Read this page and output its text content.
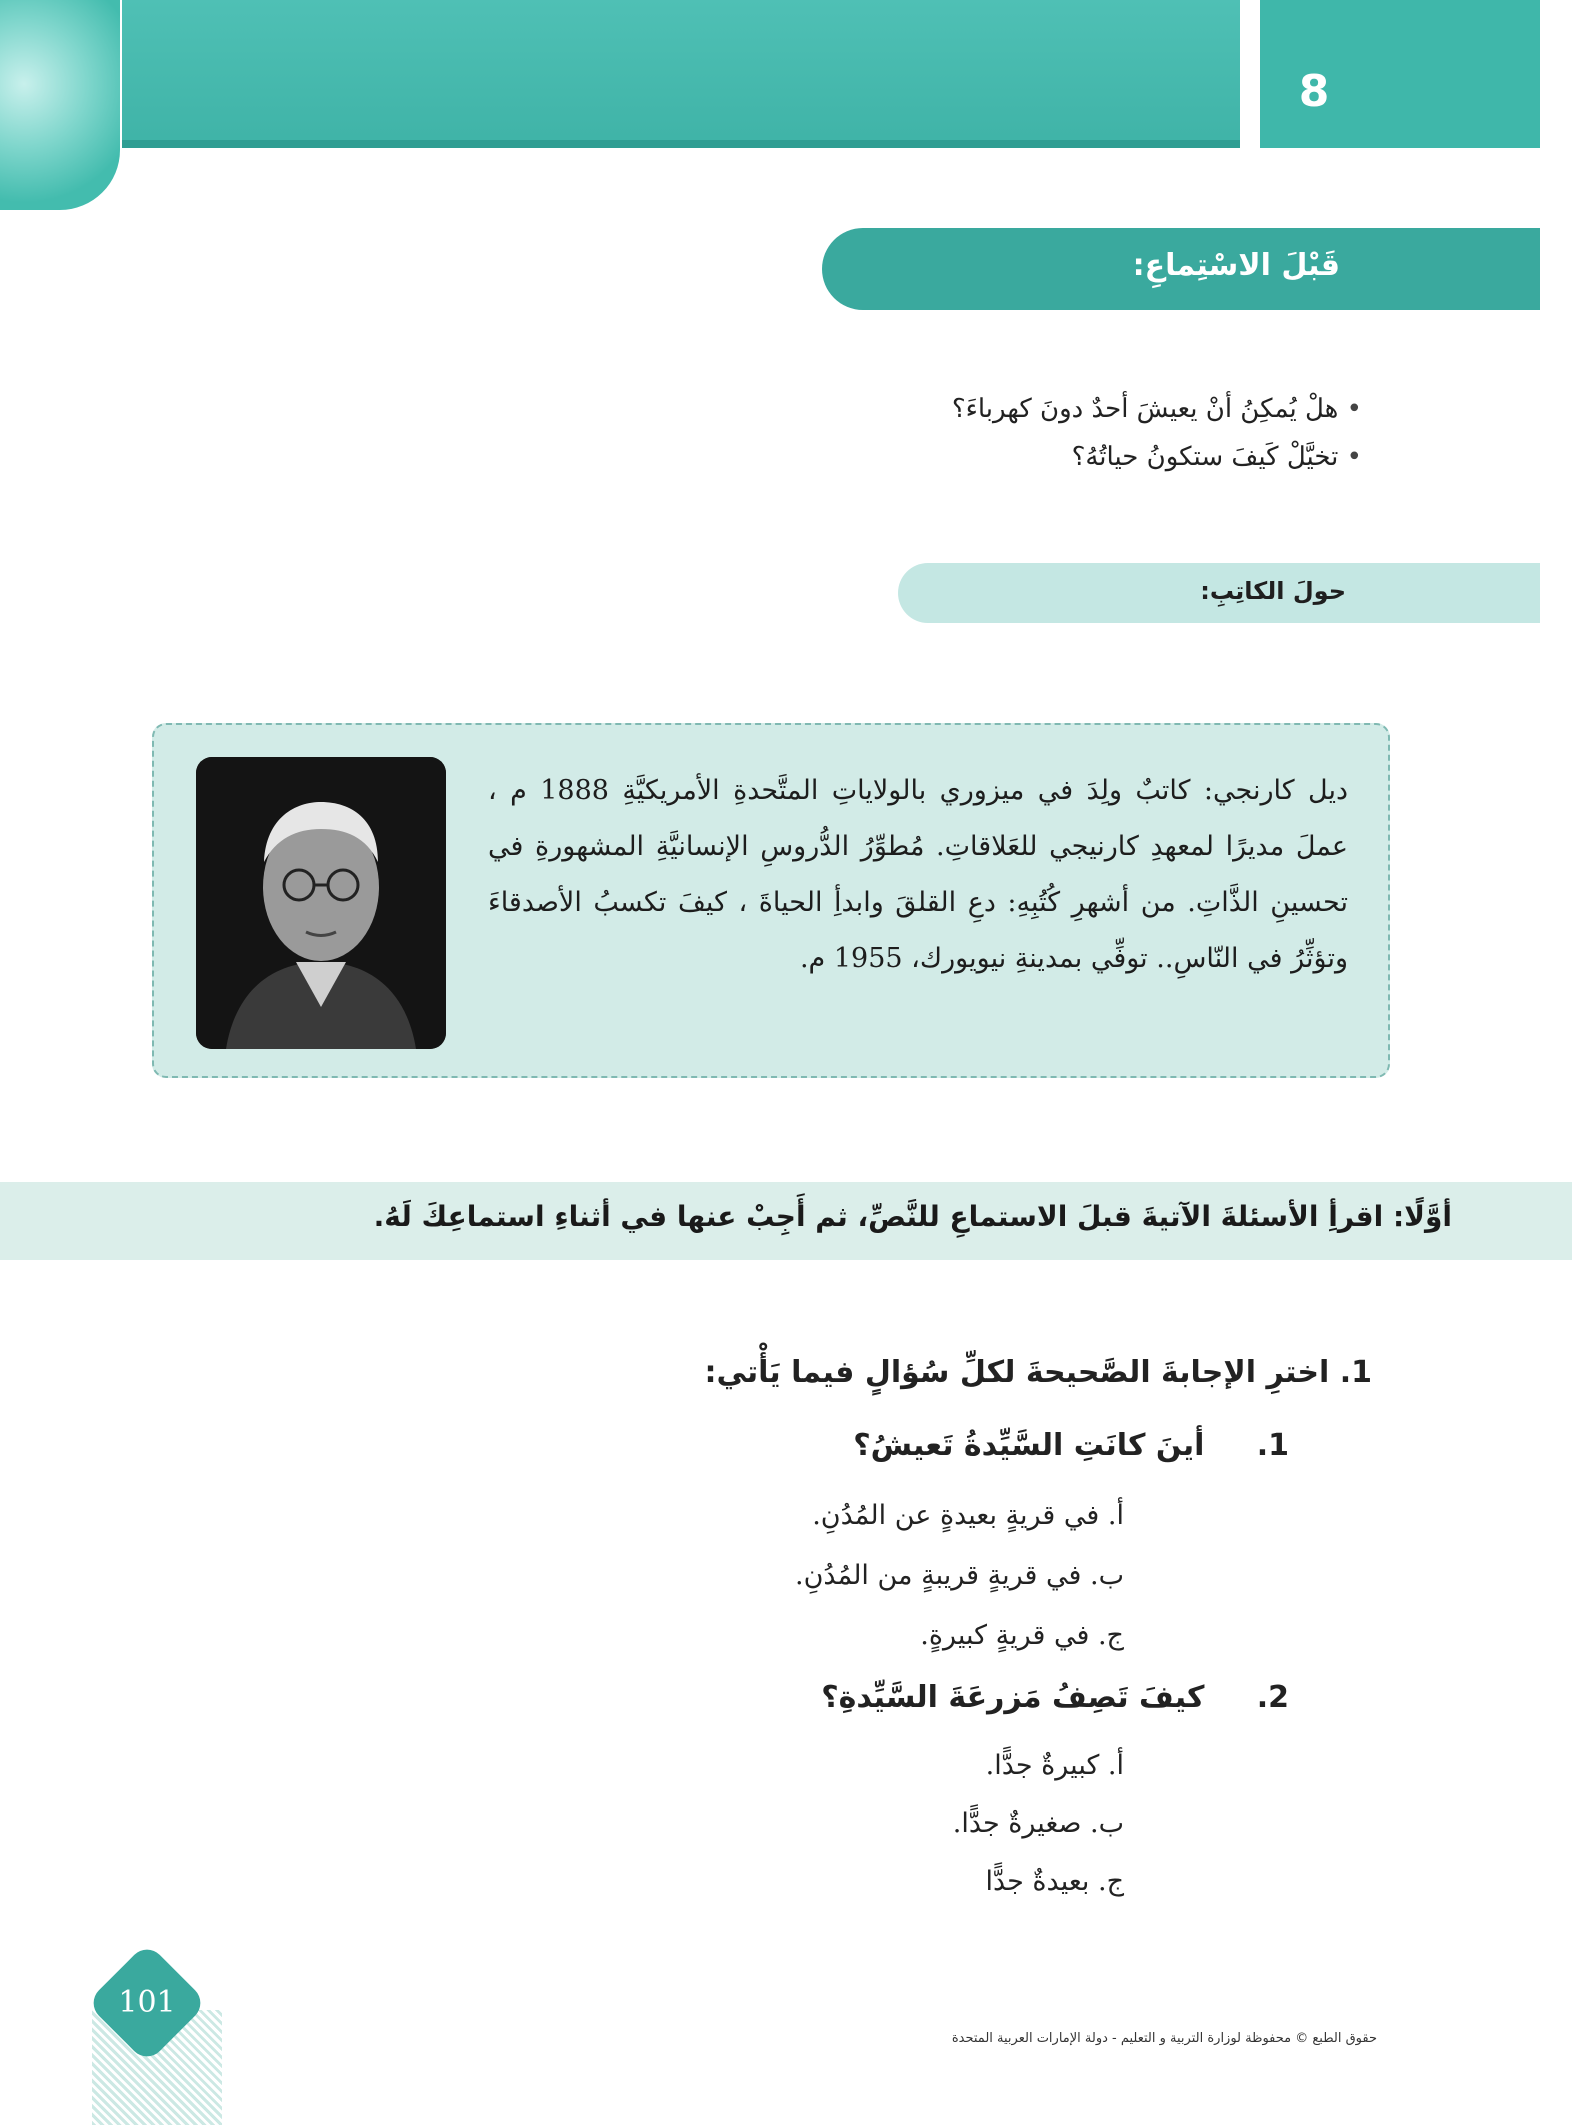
8
قَبْلَ الاسْتِماعِ:
• هلْ يُمكِنُ أنْ يعيشَ أحدٌ دونَ كهرباءَ؟
• تخيَّلْ كَيفَ ستكونُ حياتُهُ؟
حولَ الكاتِبِ:
ديل كارنجي: كاتبٌ ولِدَ في ميزوري بالولاياتِ المتَّحدةِ الأمريكيَّةِ 1888 م ، عملَ مديرًا لمعهدِ كارنيجي للعَلاقاتِ. مُطوِّرُ الدُّروسِ الإنسانيَّةِ المشهورةِ في تحسينِ الذَّاتِ. من أشهرِ كُتُبِهِ: دعِ القلقَ وابدأِ الحياةَ ، كيفَ تكسبُ الأصدقاءَ وتؤثِّرُ في النّاسِ.. توفِّي بمدينةِ نيويورك، 1955 م.
أوَّلًا: اقرأِ الأسئلةَ الآتيةَ قبلَ الاستماعِ للنَّصِّ، ثم أَجِبْ عنها في أثناءِ استماعِكَ لَهُ.
1. اخترِ الإجابةَ الصَّحيحةَ لكلِّ سُؤالٍ فيما يَأْتي:
1.     أينَ كانَتِ السَّيِّدةُ تَعيشُ؟
أ. في قريةٍ بعيدةٍ عن المُدُنِ.
ب. في قريةٍ قريبةٍ من المُدُنِ.
ج. في قريةٍ كبيرةٍ.
2.     كيفَ تَصِفُ مَزرعَةَ السَّيِّدةِ؟
أ. كبيرةٌ جدًّا.
ب. صغيرةٌ جدًّا.
ج. بعيدةٌ جدًّا
101
حقوق الطبع © محفوظة لوزارة التربية و التعليم - دولة الإمارات العربية المتحدة
